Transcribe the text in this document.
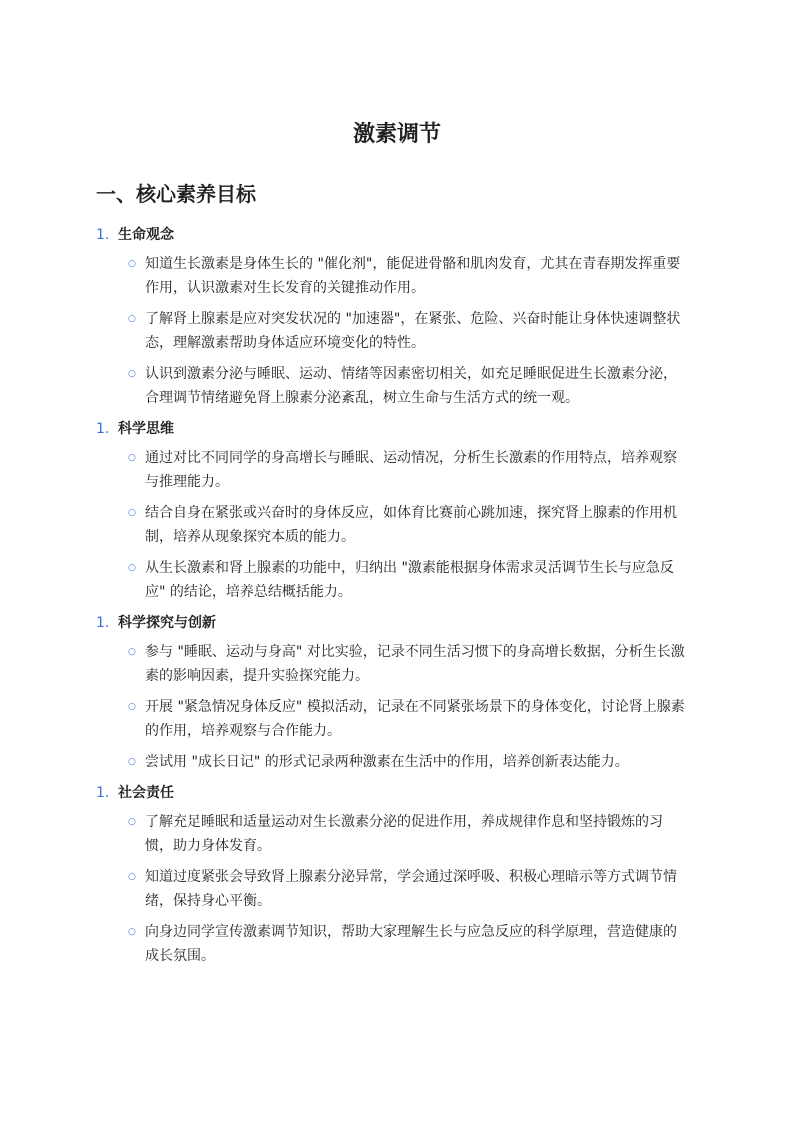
激素调节
一、核心素养目标
1. 生命观念
○ 知道生长激素是身体生长的 "催化剂"，能促进骨骼和肌肉发育，尤其在青春期发挥重要作用，认识激素对生长发育的关键推动作用。
○ 了解肾上腺素是应对突发状况的 "加速器"，在紧张、危险、兴奋时能让身体快速调整状态，理解激素帮助身体适应环境变化的特性。
○ 认识到激素分泌与睡眠、运动、情绪等因素密切相关，如充足睡眠促进生长激素分泌，合理调节情绪避免肾上腺素分泌紊乱，树立生命与生活方式的统一观。
1. 科学思维
○ 通过对比不同同学的身高增长与睡眠、运动情况，分析生长激素的作用特点，培养观察与推理能力。
○ 结合自身在紧张或兴奋时的身体反应，如体育比赛前心跳加速，探究肾上腺素的作用机制，培养从现象探究本质的能力。
○ 从生长激素和肾上腺素的功能中，归纳出 "激素能根据身体需求灵活调节生长与应急反应" 的结论，培养总结概括能力。
1. 科学探究与创新
○ 参与 "睡眠、运动与身高" 对比实验，记录不同生活习惯下的身高增长数据，分析生长激素的影响因素，提升实验探究能力。
○ 开展 "紧急情况身体反应" 模拟活动，记录在不同紧张场景下的身体变化，讨论肾上腺素的作用，培养观察与合作能力。
○ 尝试用 "成长日记" 的形式记录两种激素在生活中的作用，培养创新表达能力。
1. 社会责任
○ 了解充足睡眠和适量运动对生长激素分泌的促进作用，养成规律作息和坚持锻炼的习惯，助力身体发育。
○ 知道过度紧张会导致肾上腺素分泌异常，学会通过深呼吸、积极心理暗示等方式调节情绪，保持身心平衡。
○ 向身边同学宣传激素调节知识，帮助大家理解生长与应急反应的科学原理，营造健康的成长氛围。
